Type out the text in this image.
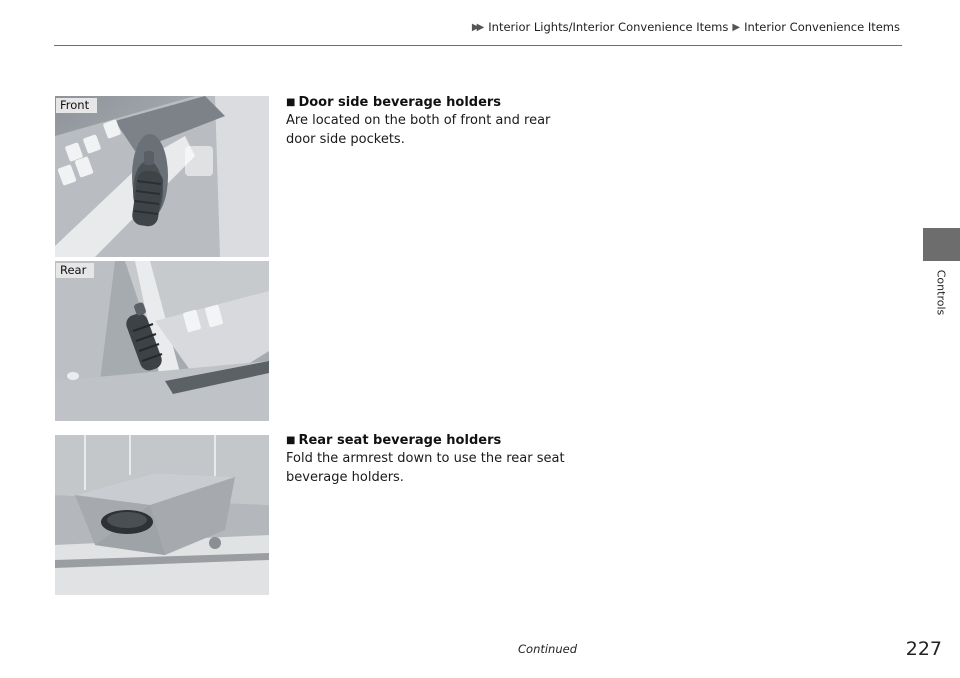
▶▶ Interior Lights/Interior Convenience Items ▶ Interior Convenience Items
Controls
Front
Rear
■ Door side beverage holders

Are located on the both of front and rear door side pockets.

■ Rear seat beverage holders

Fold the armrest down to use the rear seat beverage holders.

Continued	227
